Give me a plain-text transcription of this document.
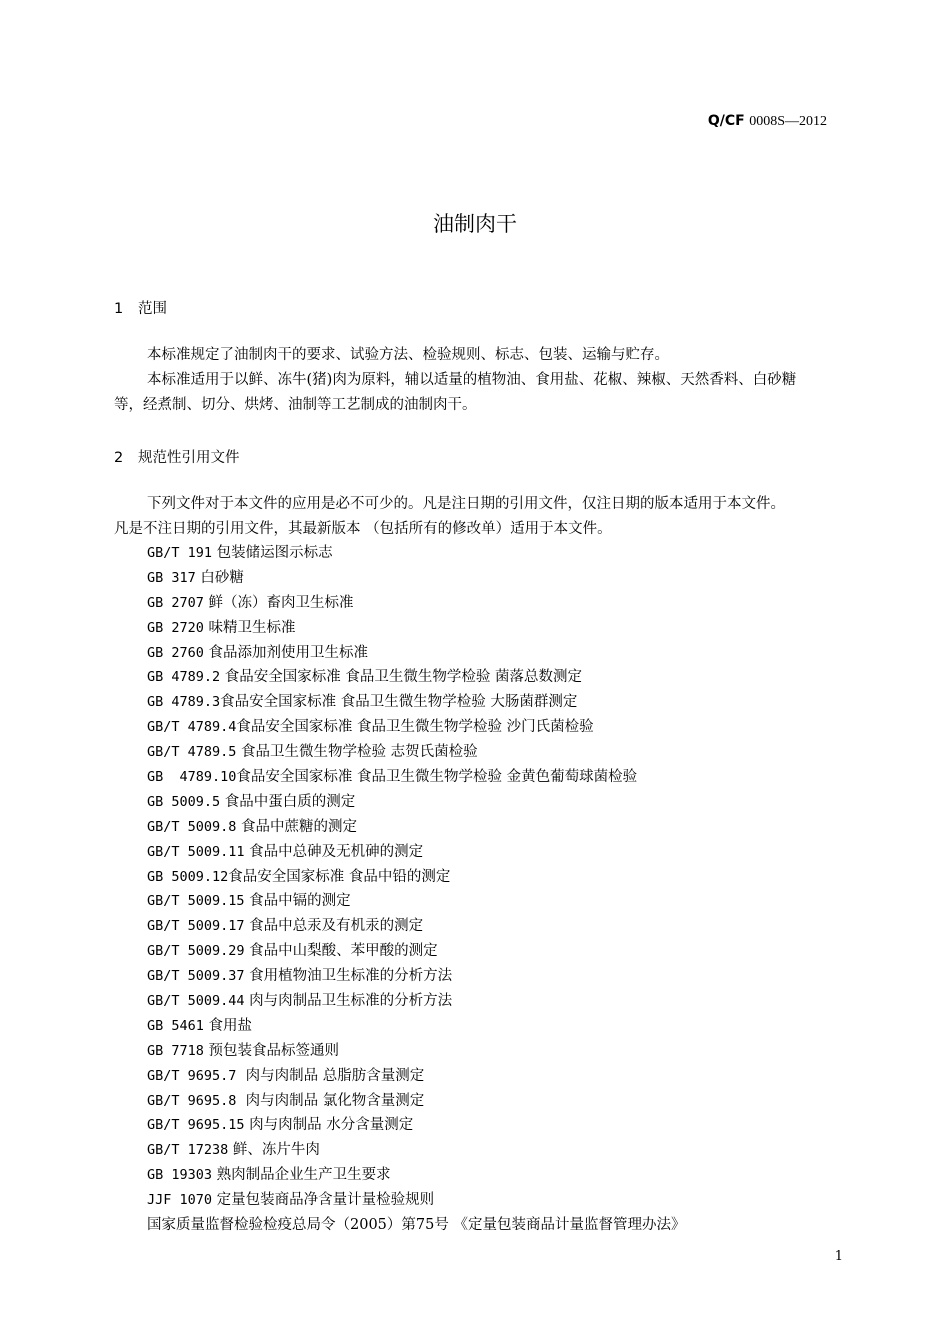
Q/CF 0008S—2012
油制肉干
1 范围

本标准规定了油制肉干的要求、试验方法、检验规则、标志、包装、运输与贮存。
本标准适用于以鲜、冻牛(猪)肉为原料，辅以适量的植物油、食用盐、花椒、辣椒、天然香料、白砂糖
等，经煮制、切分、烘烤、油制等工艺制成的油制肉干。

2 规范性引用文件

下列文件对于本文件的应用是必不可少的。凡是注日期的引用文件，仅注日期的版本适用于本文件。
凡是不注日期的引用文件，其最新版本 （包括所有的修改单）适用于本文件。

GB/T 191 包装储运图示标志
GB 317 白砂糖
GB 2707 鲜（冻）畜肉卫生标准
GB 2720 味精卫生标准
GB 2760 食品添加剂使用卫生标准
GB 4789.2 食品安全国家标准 食品卫生微生物学检验 菌落总数测定
GB 4789.3食品安全国家标准 食品卫生微生物学检验 大肠菌群测定
GB/T 4789.4食品安全国家标准 食品卫生微生物学检验 沙门氏菌检验
GB/T 4789.5 食品卫生微生物学检验 志贺氏菌检验
GB  4789.10食品安全国家标准 食品卫生微生物学检验 金黄色葡萄球菌检验
GB 5009.5 食品中蛋白质的测定
GB/T 5009.8 食品中蔗糖的测定
GB/T 5009.11 食品中总砷及无机砷的测定
GB 5009.12食品安全国家标准 食品中铅的测定
GB/T 5009.15 食品中镉的测定
GB/T 5009.17 食品中总汞及有机汞的测定
GB/T 5009.29 食品中山梨酸、苯甲酸的测定
GB/T 5009.37 食用植物油卫生标准的分析方法
GB/T 5009.44 肉与肉制品卫生标准的分析方法
GB 5461 食用盐
GB 7718 预包装食品标签通则
GB/T 9695.7  肉与肉制品 总脂肪含量测定
GB/T 9695.8  肉与肉制品 氯化物含量测定
GB/T 9695.15 肉与肉制品 水分含量测定
GB/T 17238 鲜、冻片牛肉
GB 19303 熟肉制品企业生产卫生要求
JJF 1070 定量包装商品净含量计量检验规则
国家质量监督检验检疫总局令（2005）第75号 《定量包装商品计量监督管理办法》
1
